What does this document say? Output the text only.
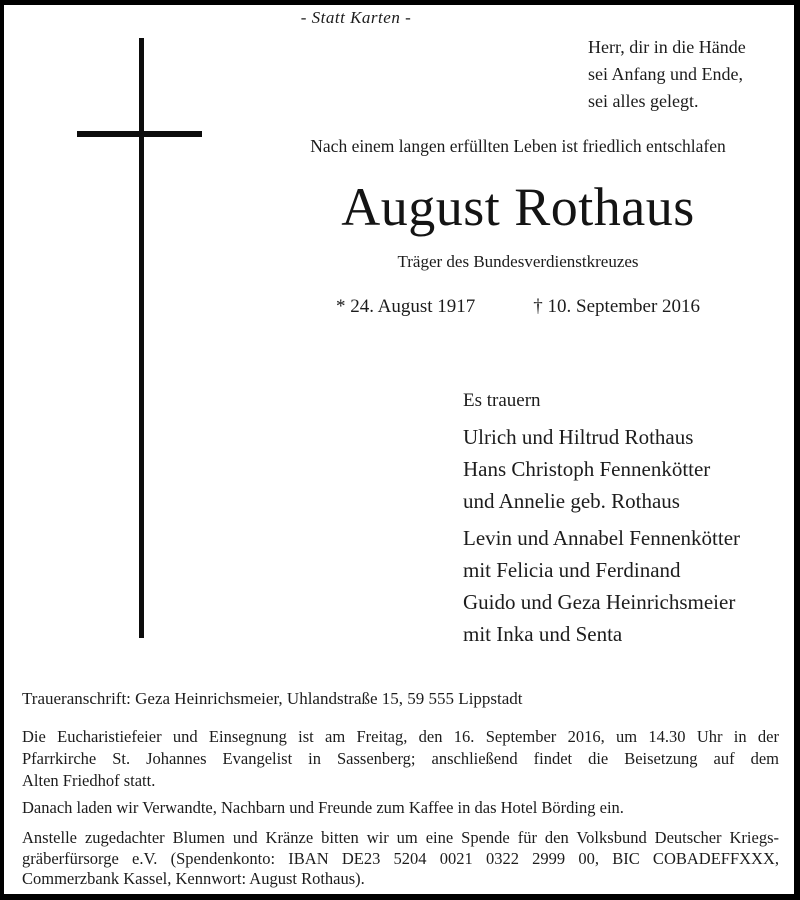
- Statt Karten -
Herr, dir in die Hände
sei Anfang und Ende,
sei alles gelegt.
Nach einem langen erfüllten Leben ist friedlich entschlafen
August Rothaus
Träger des Bundesverdienstkreuzes
* 24. August 1917	† 10. September 2016
Es trauern
Ulrich und Hiltrud Rothaus
Hans Christoph Fennenkötter
und Annelie geb. Rothaus
Levin und Annabel Fennenkötter
mit Felicia und Ferdinand
Guido und Geza Heinrichsmeier
mit Inka und Senta
Traueranschrift: Geza Heinrichsmeier, Uhlandstraße 15, 59 555 Lippstadt
Die Eucharistiefeier und Einsegnung ist am Freitag, den 16. September 2016, um 14.30 Uhr in der
Pfarrkirche St. Johannes Evangelist in Sassenberg; anschließend findet die Beisetzung auf dem
Alten Friedhof statt.
Danach laden wir Verwandte, Nachbarn und Freunde zum Kaffee in das Hotel Börding ein.
Anstelle zugedachter Blumen und Kränze bitten wir um eine Spende für den Volksbund Deutscher Kriegs-
gräberfürsorge e.V. (Spendenkonto: IBAN DE23 5204 0021 0322 2999 00, BIC COBADEFFXXX,
Commerzbank Kassel, Kennwort: August Rothaus).
